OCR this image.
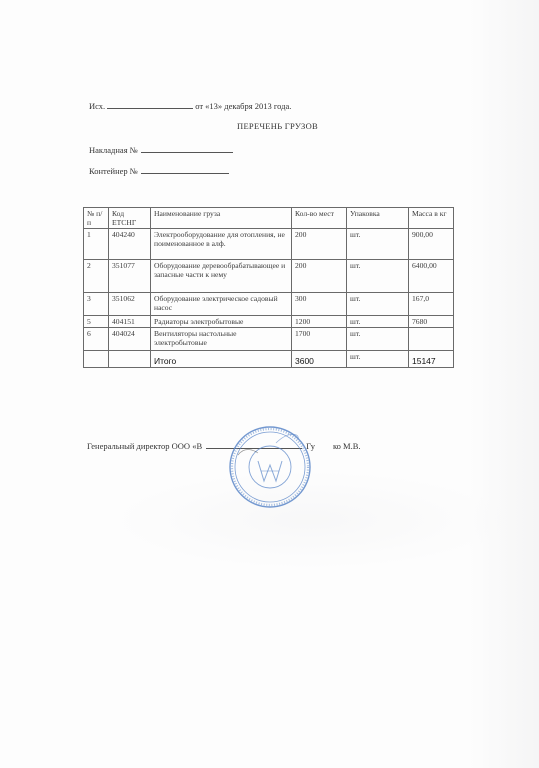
Исх.	от «13» декабря 2013 года.
ПЕРЕЧЕНЬ ГРУЗОВ
Накладная №
Контейнер №
№ п/п	Код ЕТСНГ	Наименование груза	Кол-во мест	Упаковка	Масса в кг
1	404240	Электрооборудование для отопления, не поименованное в алф.	200	шт.	900,00
2	351077	Оборудование деревообрабатывающее и запасные части к нему	200	шт.	6400,00
3	351062	Оборудование электрическое садовый насос	300	шт.	167,0
5	404151	Радиаторы электробытовые	1200	шт.	7680
6	404024	Вентиляторы настольные электробытовые	1700	шт.	
		Итого	3600	шт.	15147
Генеральный директор ООО «В	Гу ко М.В.
